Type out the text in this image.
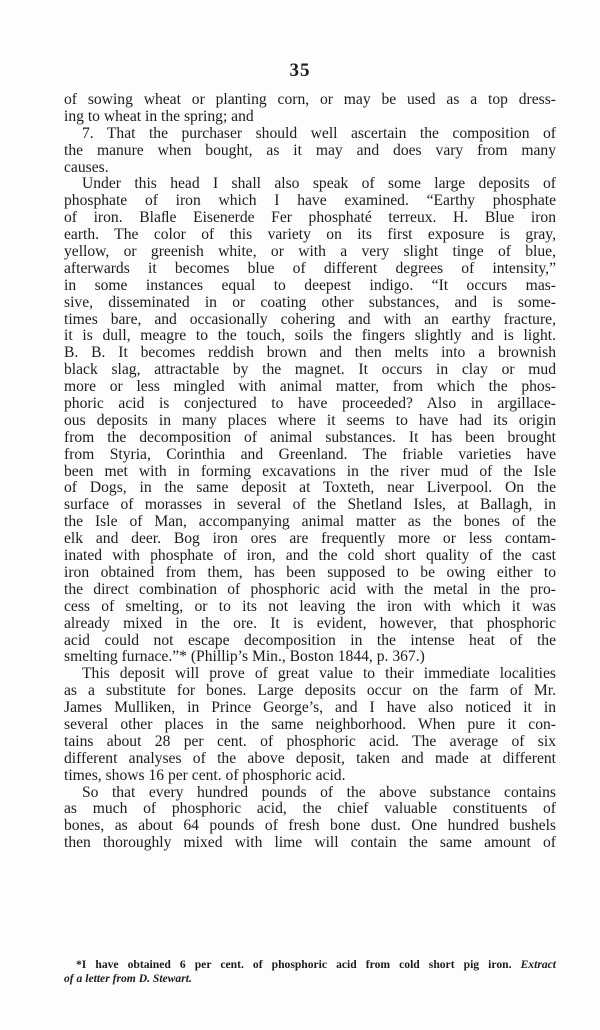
35
of sowing wheat or planting corn, or may be used as a top dress-
ing to wheat in the spring; and
7. That the purchaser should well ascertain the composition of
the manure when bought, as it may and does vary from many
causes.
Under this head I shall also speak of some large deposits of
phosphate of iron which I have examined. “Earthy phosphate
of iron. Blaﬂe Eisenerde Fer phosphaté terreux. H. Blue iron
earth. The color of this variety on its first exposure is gray,
yellow, or greenish white, or with a very slight tinge of blue,
afterwards it becomes blue of different degrees of intensity,”
in some instances equal to deepest indigo. “It occurs mas-
sive, disseminated in or coating other substances, and is some-
times bare, and occasionally cohering and with an earthy fracture,
it is dull, meagre to the touch, soils the fingers slightly and is light.
B. B. It becomes reddish brown and then melts into a brownish
black slag, attractable by the magnet. It occurs in clay or mud
more or less mingled with animal matter, from which the phos-
phoric acid is conjectured to have proceeded? Also in argillace-
ous deposits in many places where it seems to have had its origin
from the decomposition of animal substances. It has been brought
from Styria, Corinthia and Greenland. The friable varieties have
been met with in forming excavations in the river mud of the Isle
of Dogs, in the same deposit at Toxteth, near Liverpool. On the
surface of morasses in several of the Shetland Isles, at Ballagh, in
the Isle of Man, accompanying animal matter as the bones of the
elk and deer. Bog iron ores are frequently more or less contam-
inated with phosphate of iron, and the cold short quality of the cast
iron obtained from them, has been supposed to be owing either to
the direct combination of phosphoric acid with the metal in the pro-
cess of smelting, or to its not leaving the iron with which it was
already mixed in the ore. It is evident, however, that phosphoric
acid could not escape decomposition in the intense heat of the
smelting furnace.”* (Phillip’s Min., Boston 1844, p. 367.)
This deposit will prove of great value to their immediate localities
as a substitute for bones. Large deposits occur on the farm of Mr.
James Mulliken, in Prince George’s, and I have also noticed it in
several other places in the same neighborhood. When pure it con-
tains about 28 per cent. of phosphoric acid. The average of six
different analyses of the above deposit, taken and made at different
times, shows 16 per cent. of phosphoric acid.
So that every hundred pounds of the above substance contains
as much of phosphoric acid, the chief valuable constituents of
bones, as about 64 pounds of fresh bone dust. One hundred bushels
then thoroughly mixed with lime will contain the same amount of
*I have obtained 6 per cent. of phosphoric acid from cold short pig iron. Extract
of a letter from D. Stewart.
